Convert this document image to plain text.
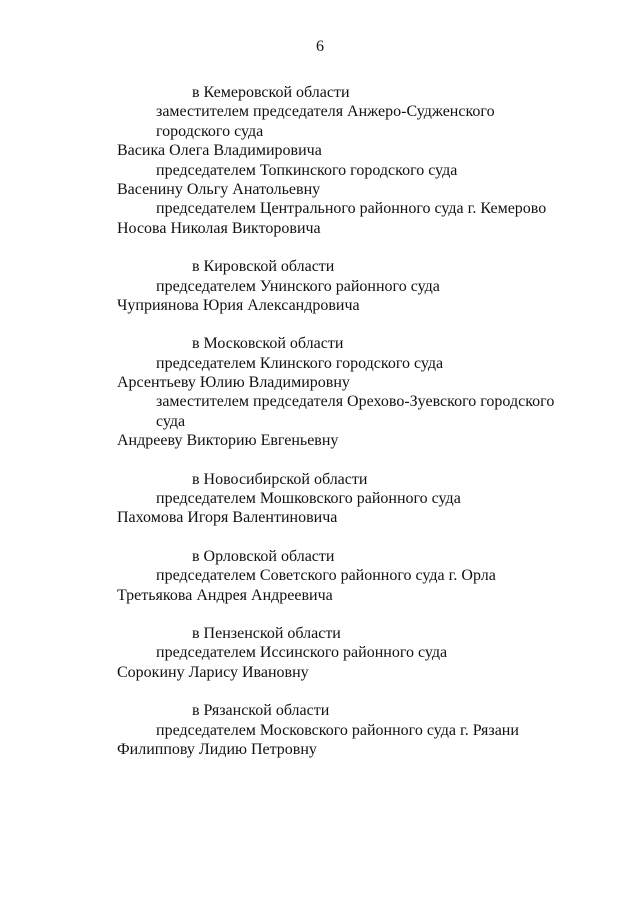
6
в Кемеровской области
заместителем председателя Анжеро-Судженского
городского суда
Васика Олега Владимировича
председателем Топкинского городского суда
Васенину Ольгу Анатольевну
председателем Центрального районного суда г. Кемерово
Носова Николая Викторовича
в Кировской области
председателем Унинского районного суда
Чуприянова Юрия Александровича
в Московской области
председателем Клинского городского суда
Арсентьеву Юлию Владимировну
заместителем председателя Орехово-Зуевского городского
суда
Андрееву Викторию Евгеньевну
в Новосибирской области
председателем Мошковского районного суда
Пахомова Игоря Валентиновича
в Орловской области
председателем Советского районного суда г. Орла
Третьякова Андрея Андреевича
в Пензенской области
председателем Иссинского районного суда
Сорокину Ларису Ивановну
в Рязанской области
председателем Московского районного суда г. Рязани
Филиппову Лидию Петровну
